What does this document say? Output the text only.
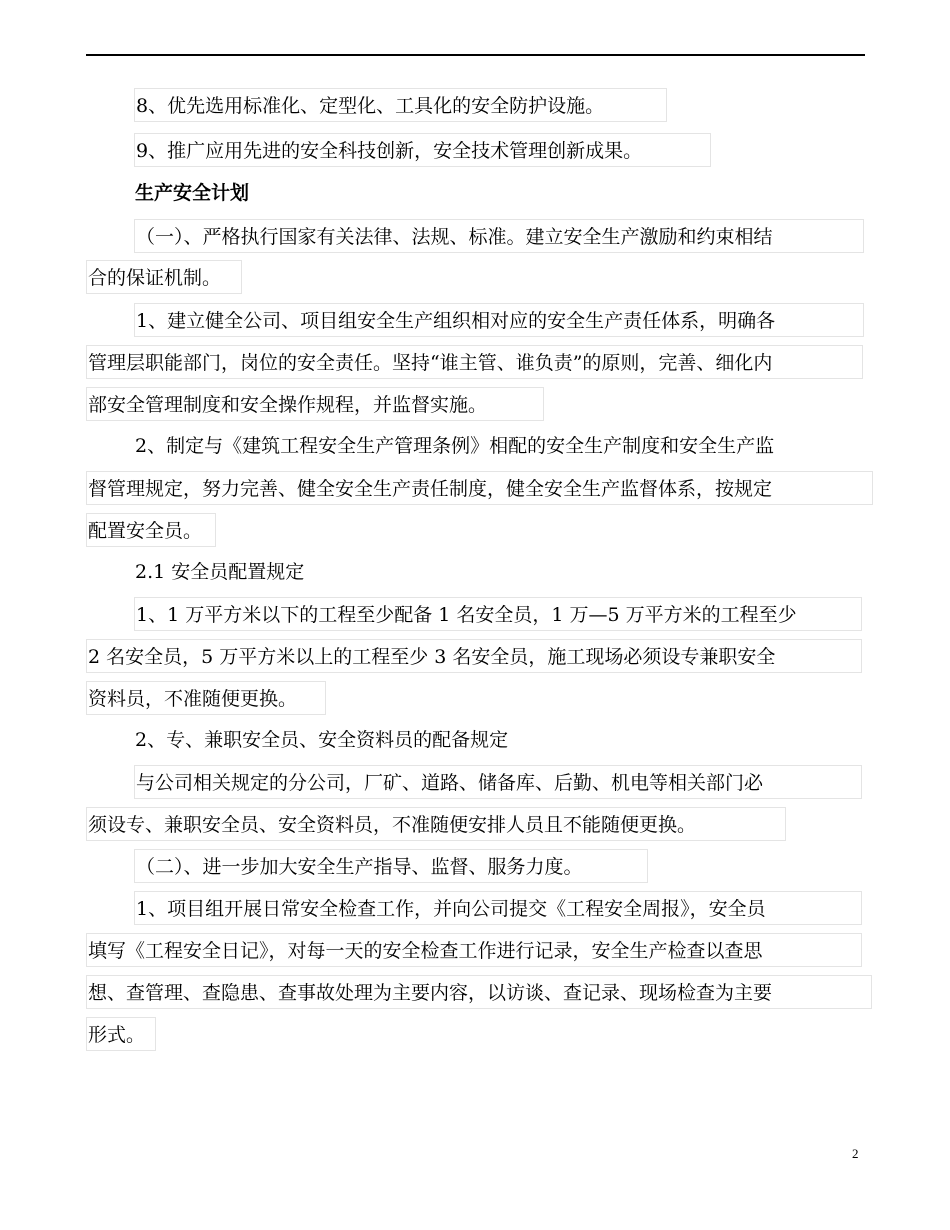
8、优先选用标准化、定型化、工具化的安全防护设施。
9、推广应用先进的安全科技创新，安全技术管理创新成果。
生产安全计划
（一）、严格执行国家有关法律、法规、标准。建立安全生产激励和约束相结
合的保证机制。
1、建立健全公司、项目组安全生产组织相对应的安全生产责任体系，明确各
管理层职能部门，岗位的安全责任。坚持“谁主管、谁负责”的原则，完善、细化内
部安全管理制度和安全操作规程，并监督实施。
2、制定与《建筑工程安全生产管理条例》相配的安全生产制度和安全生产监
督管理规定，努力完善、健全安全生产责任制度，健全安全生产监督体系，按规定
配置安全员。
2.1 安全员配置规定
1、1 万平方米以下的工程至少配备 1 名安全员，1 万—5 万平方米的工程至少
2 名安全员，5 万平方米以上的工程至少 3 名安全员，施工现场必须设专兼职安全
资料员，不准随便更换。
2、专、兼职安全员、安全资料员的配备规定
与公司相关规定的分公司，厂矿、道路、储备库、后勤、机电等相关部门必
须设专、兼职安全员、安全资料员，不准随便安排人员且不能随便更换。
（二）、进一步加大安全生产指导、监督、服务力度。
1、项目组开展日常安全检查工作，并向公司提交《工程安全周报》，安全员
填写《工程安全日记》，对每一天的安全检查工作进行记录，安全生产检查以查思
想、查管理、查隐患、查事故处理为主要内容，以访谈、查记录、现场检查为主要
形式。
2
